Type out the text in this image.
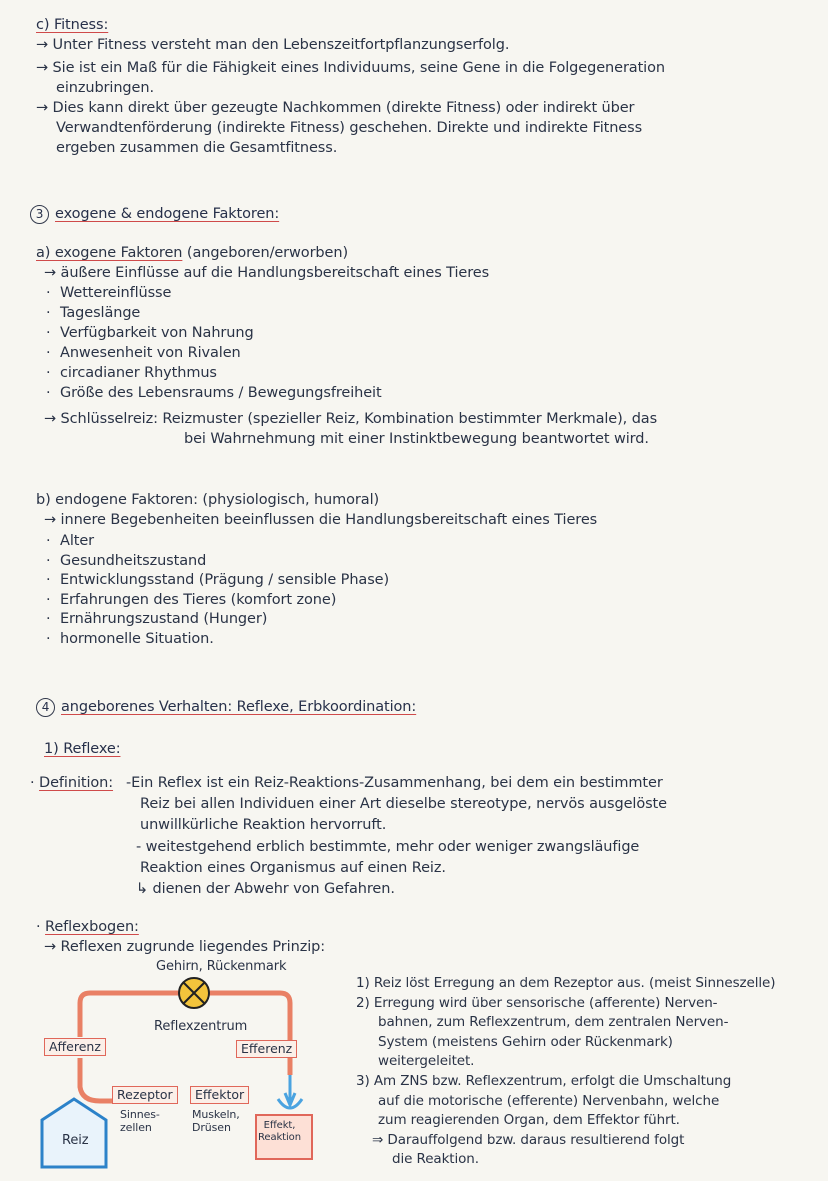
c) Fitness:
→ Unter Fitness versteht man den Lebenszeitfortpflanzungserfolg.
→ Sie ist ein Maß für die Fähigkeit eines Individuums, seine Gene in die Folgegeneration
einzubringen.
→ Dies kann direkt über gezeugte Nachkommen (direkte Fitness) oder indirekt über
Verwandtenförderung (indirekte Fitness) geschehen. Direkte und indirekte Fitness
ergeben zusammen die Gesamtfitness.
3 exogene & endogene Faktoren:
a) exogene Faktoren (angeboren/erworben)
→ äußere Einflüsse auf die Handlungsbereitschaft eines Tieres
· Wettereinflüsse
· Tageslänge
· Verfügbarkeit von Nahrung
· Anwesenheit von Rivalen
· circadianer Rhythmus
· Größe des Lebensraums / Bewegungsfreiheit
→ Schlüsselreiz: Reizmuster (spezieller Reiz, Kombination bestimmter Merkmale), das
bei Wahrnehmung mit einer Instinktbewegung beantwortet wird.
b) endogene Faktoren: (physiologisch, humoral)
→ innere Begebenheiten beeinflussen die Handlungsbereitschaft eines Tieres
· Alter
· Gesundheitszustand
· Entwicklungsstand (Prägung / sensible Phase)
· Erfahrungen des Tieres (komfort zone)
· Ernährungszustand (Hunger)
· hormonelle Situation.
4 angeborenes Verhalten: Reflexe, Erbkoordination:
1) Reflexe:
· Definition: -Ein Reflex ist ein Reiz-Reaktions-Zusammenhang, bei dem ein bestimmter
Reiz bei allen Individuen einer Art dieselbe stereotype, nervös ausgelöste
unwillkürliche Reaktion hervorruft.
- weitestgehend erblich bestimmte, mehr oder weniger zwangsläufige
Reaktion eines Organismus auf einen Reiz.
↳ dienen der Abwehr von Gefahren.
· Reflexbogen:
→ Reflexen zugrunde liegendes Prinzip:
Gehirn, Rückenmark
Reflexzentrum
Afferenz	Efferenz
Rezeptor	Effektor
Sinnes-
zellen
Muskeln,
Drüsen
Reiz
Effekt,
Reaktion
1) Reiz löst Erregung an dem Rezeptor aus. (meist Sinneszelle)
2) Erregung wird über sensorische (afferente) Nerven-
bahnen, zum Reflexzentrum, dem zentralen Nerven-
System (meistens Gehirn oder Rückenmark)
weitergeleitet.
3) Am ZNS bzw. Reflexzentrum, erfolgt die Umschaltung
auf die motorische (efferente) Nervenbahn, welche
zum reagierenden Organ, dem Effektor führt.
⇒ Darauffolgend bzw. daraus resultierend folgt
die Reaktion.
